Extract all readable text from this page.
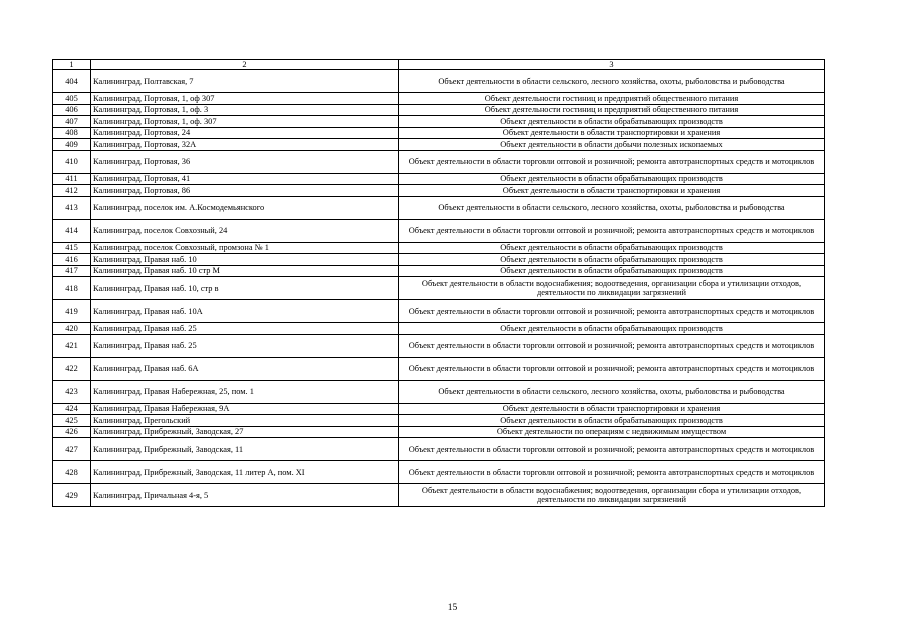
1	2	3
404	Калининград, Полтавская, 7	Объект деятельности в области сельского, лесного хозяйства, охоты, рыболовства и рыбоводства
405	Калининград, Портовая, 1, оф 307	Объект деятельности гостиниц и предприятий общественного питания
406	Калининград, Портовая, 1, оф. 3	Объект деятельности гостиниц и предприятий общественного питания
407	Калининград, Портовая, 1, оф. 307	Объект деятельности в области обрабатывающих производств
408	Калининград, Портовая, 24	Объект деятельности в области транспортировки и хранения
409	Калининград, Портовая, 32А	Объект деятельности в области добычи полезных ископаемых
410	Калининград, Портовая, 36	Объект деятельности в области торговли оптовой и розничной; ремонта автотранспортных средств и мотоциклов
411	Калининград, Портовая, 41	Объект деятельности в области обрабатывающих производств
412	Калининград, Портовая, 86	Объект деятельности в области транспортировки и хранения
413	Калининград, поселок им. А.Космодемьянского	Объект деятельности в области сельского, лесного хозяйства, охоты, рыболовства и рыбоводства
414	Калининград, поселок Совхозный, 24	Объект деятельности в области торговли оптовой и розничной; ремонта автотранспортных средств и мотоциклов
415	Калининград, поселок Совхозный, промзона № 1	Объект деятельности в области обрабатывающих производств
416	Калининград, Правая наб. 10	Объект деятельности в области обрабатывающих производств
417	Калининград, Правая наб. 10 стр М	Объект деятельности в области обрабатывающих производств
418	Калининград, Правая наб. 10, стр в	Объект деятельности в области водоснабжения; водоотведения, организации сбора и утилизации отходов, деятельности по ликвидации загрязнений
419	Калининград, Правая наб. 10А	Объект деятельности в области торговли оптовой и розничной; ремонта автотранспортных средств и мотоциклов
420	Калининград, Правая наб. 25	Объект деятельности в области обрабатывающих производств
421	Калининград, Правая наб. 25	Объект деятельности в области торговли оптовой и розничной; ремонта автотранспортных средств и мотоциклов
422	Калининград, Правая наб. 6А	Объект деятельности в области торговли оптовой и розничной; ремонта автотранспортных средств и мотоциклов
423	Калининград, Правая Набережная, 25, пом. 1	Объект деятельности в области сельского, лесного хозяйства, охоты, рыболовства и рыбоводства
424	Калининград, Правая Набережная, 9А	Объект деятельности в области транспортировки и хранения
425	Калининград, Прегольский	Объект деятельности в области обрабатывающих производств
426	Калининград, Прибрежный, Заводская, 27	Объект деятельности по операциям с недвижимым имуществом
427	Калининград, Прибрежный, Заводская, 11	Объект деятельности в области торговли оптовой и розничной; ремонта автотранспортных средств и мотоциклов
428	Калининград, Прибрежный, Заводская, 11 литер А, пом. XI	Объект деятельности в области торговли оптовой и розничной; ремонта автотранспортных средств и мотоциклов
429	Калининград, Причальная 4-я, 5	Объект деятельности в области водоснабжения; водоотведения, организации сбора и утилизации отходов, деятельности по ликвидации загрязнений
15
